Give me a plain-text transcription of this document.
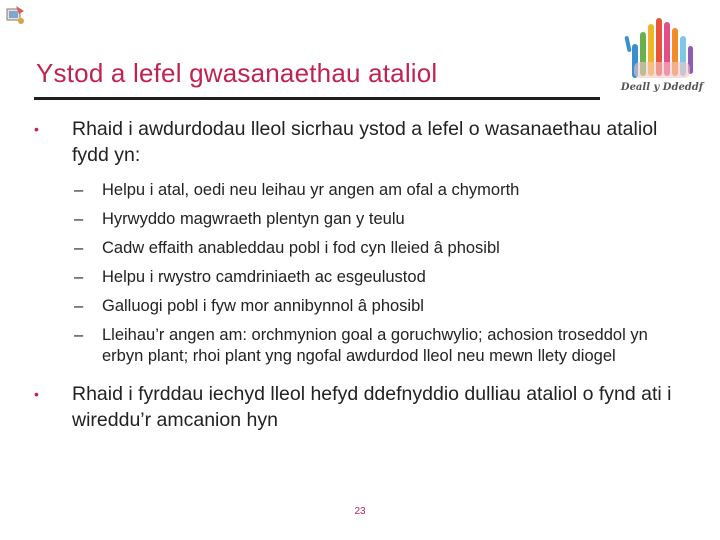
Ystod a lefel gwasanaethau ataliol	Deall y Ddeddf
•	Rhaid i awdurdodau lleol sicrhau ystod a lefel o wasanaethau ataliol fydd yn:
– Helpu i atal, oedi neu leihau yr angen am ofal a chymorth
– Hyrwyddo magwraeth plentyn gan y teulu
– Cadw effaith anableddau pobl i fod cyn lleied â phosibl
– Helpu i rwystro camdriniaeth ac esgeulustod
– Galluogi pobl i fyw mor annibynnol â phosibl
– Lleihau’r angen am: orchmynion goal a goruchwylio; achosion troseddol yn erbyn plant; rhoi plant yng ngofal awdurdod lleol neu mewn llety diogel
•	Rhaid i fyrddau iechyd lleol hefyd ddefnyddio dulliau ataliol o fynd ati i wireddu’r amcanion hyn
23
